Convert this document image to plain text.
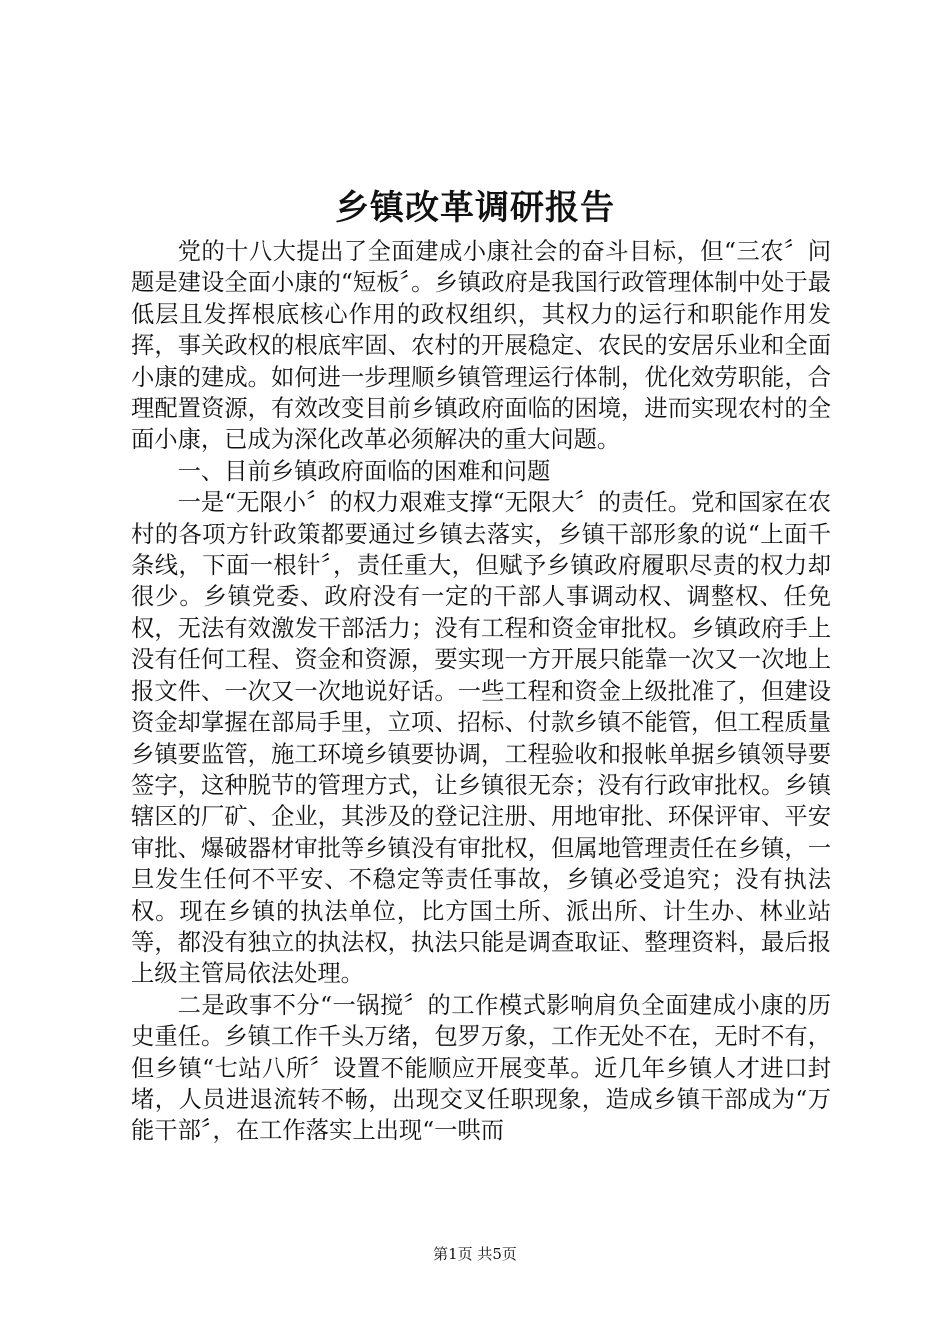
乡镇改革调研报告

党的十八大提出了全面建成小康社会的奋斗目标，但“三农〞问题是建设全面小康的“短板〞。乡镇政府是我国行政管理体制中处于最低层且发挥根底核心作用的政权组织，其权力的运行和职能作用发挥，事关政权的根底牢固、农村的开展稳定、农民的安居乐业和全面小康的建成。如何进一步理顺乡镇管理运行体制，优化效劳职能，合理配置资源，有效改变目前乡镇政府面临的困境，进而实现农村的全面小康，已成为深化改革必须解决的重大问题。

一、目前乡镇政府面临的困难和问题

一是“无限小〞的权力艰难支撑“无限大〞的责任。党和国家在农村的各项方针政策都要通过乡镇去落实，乡镇干部形象的说“上面千条线，下面一根针〞，责任重大，但赋予乡镇政府履职尽责的权力却很少。乡镇党委、政府没有一定的干部人事调动权、调整权、任免权，无法有效激发干部活力；没有工程和资金审批权。乡镇政府手上没有任何工程、资金和资源，要实现一方开展只能靠一次又一次地上报文件、一次又一次地说好话。一些工程和资金上级批准了，但建设资金却掌握在部局手里，立项、招标、付款乡镇不能管，但工程质量乡镇要监管，施工环境乡镇要协调，工程验收和报帐单据乡镇领导要签字，这种脱节的管理方式，让乡镇很无奈；没有行政审批权。乡镇辖区的厂矿、企业，其涉及的登记注册、用地审批、环保评审、平安审批、爆破器材审批等乡镇没有审批权，但属地管理责任在乡镇，一旦发生任何不平安、不稳定等责任事故，乡镇必受追究；没有执法权。现在乡镇的执法单位，比方国土所、派出所、计生办、林业站等，都没有独立的执法权，执法只能是调查取证、整理资料，最后报上级主管局依法处理。

二是政事不分“一锅搅〞的工作模式影响肩负全面建成小康的历史重任。乡镇工作千头万绪，包罗万象，工作无处不在，无时不有，但乡镇“七站八所〞设置不能顺应开展变革。近几年乡镇人才进口封堵，人员进退流转不畅，出现交叉任职现象，造成乡镇干部成为“万能干部〞，在工作落实上出现“一哄而

第1页 共5页
